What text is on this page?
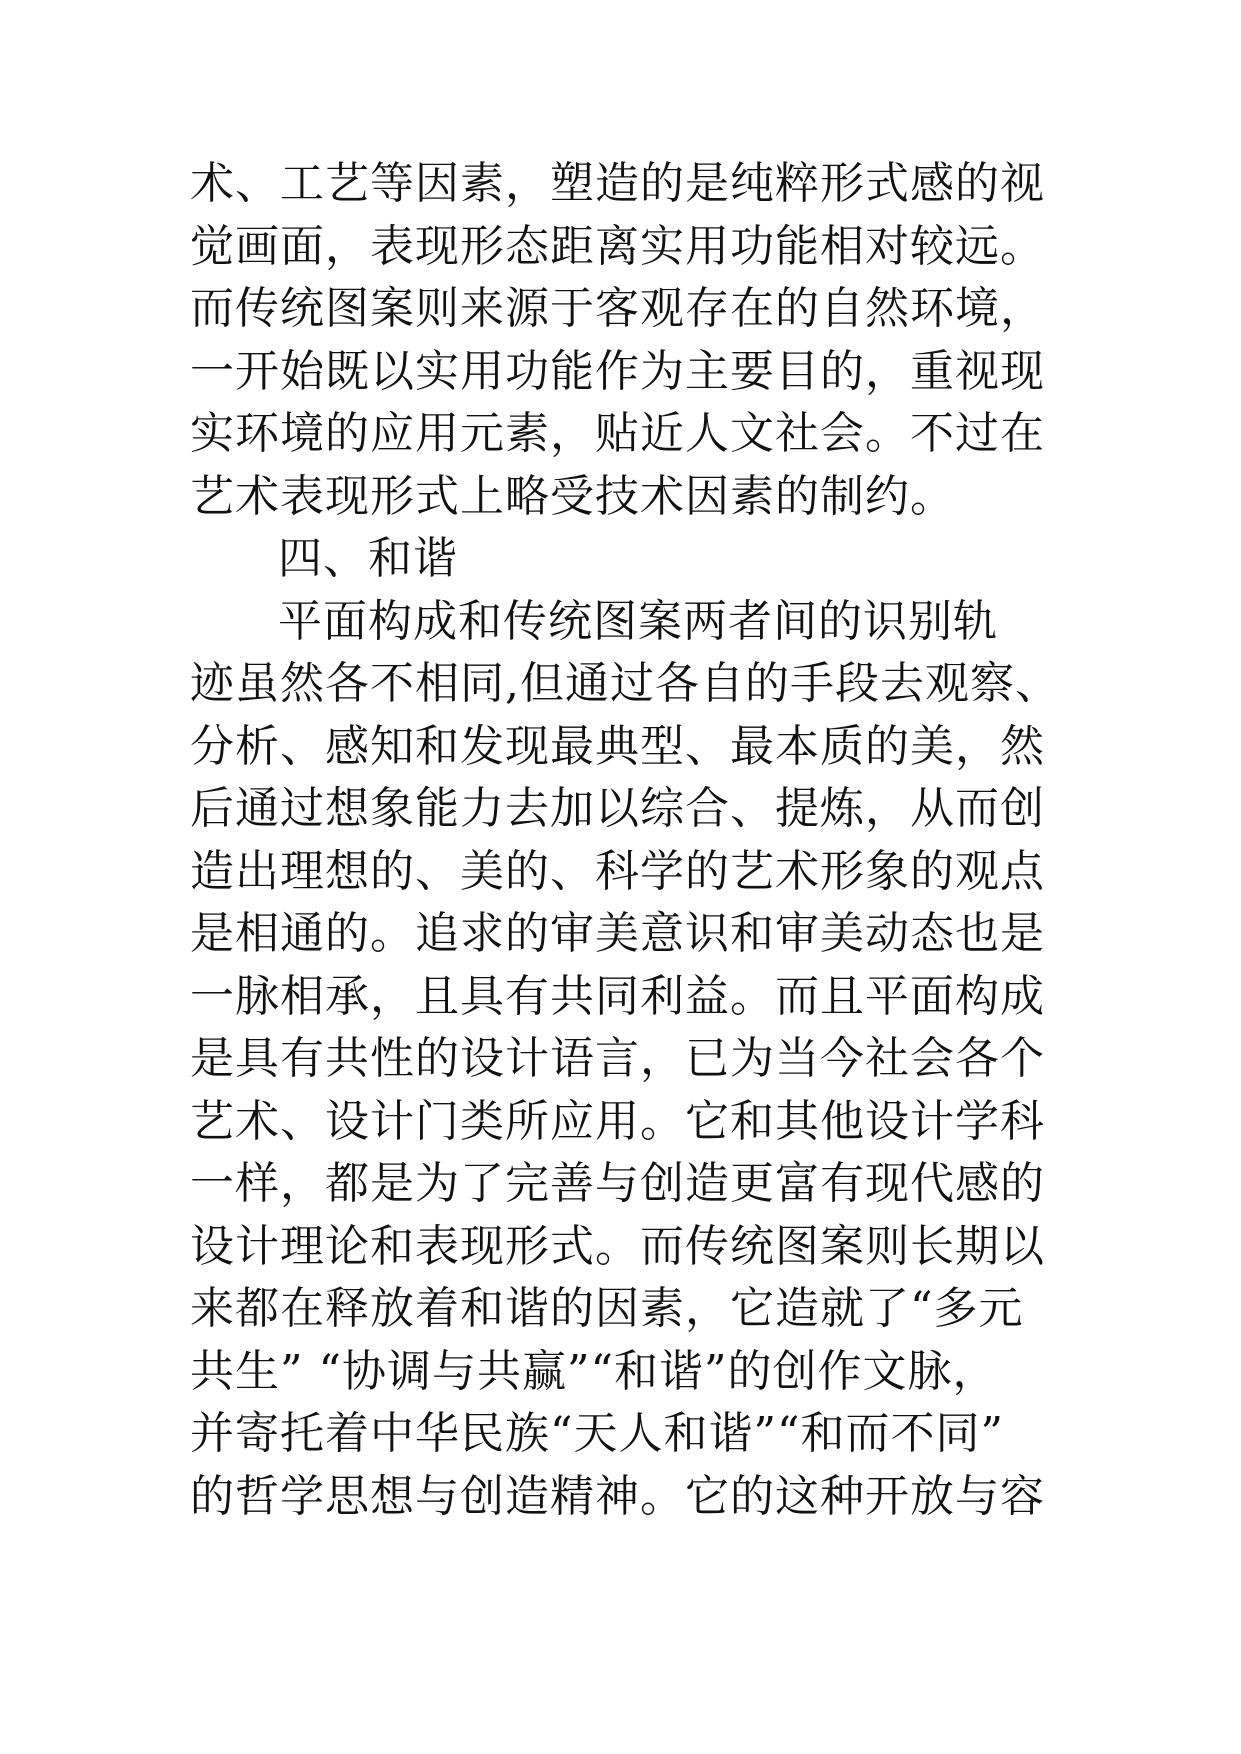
术、工艺等因素，塑造的是纯粹形式感的视
觉画面，表现形态距离实用功能相对较远。
而传统图案则来源于客观存在的自然环境，
一开始既以实用功能作为主要目的，重视现
实环境的应用元素，贴近人文社会。不过在
艺术表现形式上略受技术因素的制约。
四、和谐
平面构成和传统图案两者间的识别轨
迹虽然各不相同,但通过各自的手段去观察、
分析、感知和发现最典型、最本质的美，然
后通过想象能力去加以综合、提炼，从而创
造出理想的、美的、科学的艺术形象的观点
是相通的。追求的审美意识和审美动态也是
一脉相承，且具有共同利益。而且平面构成
是具有共性的设计语言，已为当今社会各个
艺术、设计门类所应用。它和其他设计学科
一样，都是为了完善与创造更富有现代感的
设计理论和表现形式。而传统图案则长期以
来都在释放着和谐的因素，它造就了“多元
共生” “协调与共赢”“和谐”的创作文脉，
并寄托着中华民族“天人和谐”“和而不同”
的哲学思想与创造精神。它的这种开放与容
